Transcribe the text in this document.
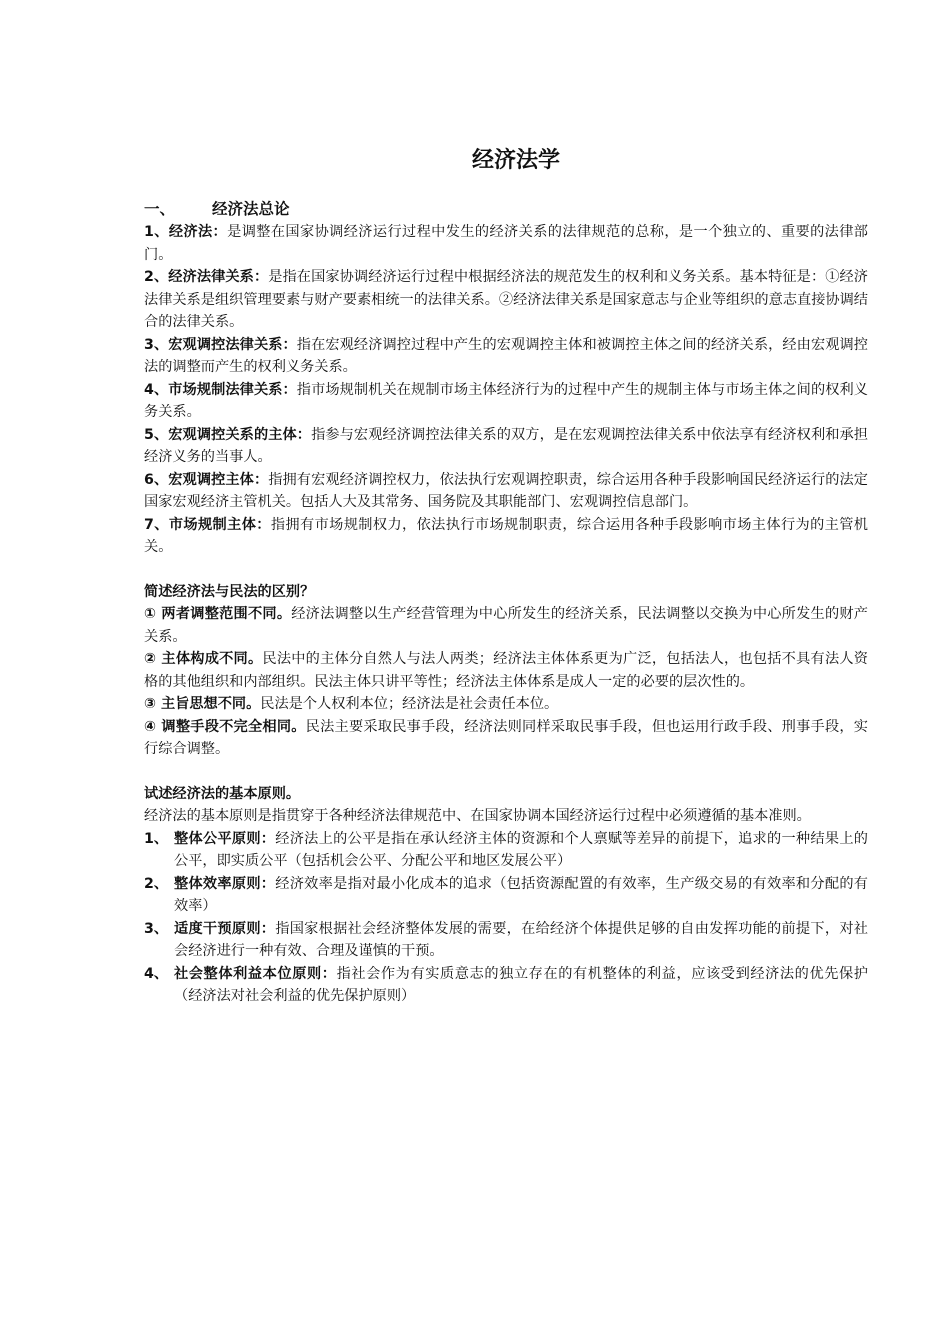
经济法学
一、 经济法总论

1、经济法：是调整在国家协调经济运行过程中发生的经济关系的法律规范的总称，是一个独立的、重要的法律部门。

2、经济法律关系：是指在国家协调经济运行过程中根据经济法的规范发生的权利和义务关系。基本特征是：①经济法律关系是组织管理要素与财产要素相统一的法律关系。②经济法律关系是国家意志与企业等组织的意志直接协调结合的法律关系。

3、宏观调控法律关系：指在宏观经济调控过程中产生的宏观调控主体和被调控主体之间的经济关系，经由宏观调控法的调整而产生的权利义务关系。

4、市场规制法律关系：指市场规制机关在规制市场主体经济行为的过程中产生的规制主体与市场主体之间的权利义务关系。

5、宏观调控关系的主体：指参与宏观经济调控法律关系的双方，是在宏观调控法律关系中依法享有经济权利和承担经济义务的当事人。

6、宏观调控主体：指拥有宏观经济调控权力，依法执行宏观调控职责，综合运用各种手段影响国民经济运行的法定国家宏观经济主管机关。包括人大及其常务、国务院及其职能部门、宏观调控信息部门。

7、市场规制主体：指拥有市场规制权力，依法执行市场规制职责，综合运用各种手段影响市场主体行为的主管机关。

简述经济法与民法的区别？

① 两者调整范围不同。经济法调整以生产经营管理为中心所发生的经济关系，民法调整以交换为中心所发生的财产关系。

② 主体构成不同。民法中的主体分自然人与法人两类；经济法主体体系更为广泛，包括法人，也包括不具有法人资格的其他组织和内部组织。民法主体只讲平等性；经济法主体体系是成人一定的必要的层次性的。

③ 主旨思想不同。民法是个人权利本位；经济法是社会责任本位。

④ 调整手段不完全相同。民法主要采取民事手段，经济法则同样采取民事手段，但也运用行政手段、刑事手段，实行综合调整。

试述经济法的基本原则。

经济法的基本原则是指贯穿于各种经济法律规范中、在国家协调本国经济运行过程中必须遵循的基本准则。

1、 整体公平原则：经济法上的公平是指在承认经济主体的资源和个人禀赋等差异的前提下，追求的一种结果上的公平，即实质公平（包括机会公平、分配公平和地区发展公平）
2、 整体效率原则：经济效率是指对最小化成本的追求（包括资源配置的有效率，生产级交易的有效率和分配的有效率）
3、 适度干预原则：指国家根据社会经济整体发展的需要，在给经济个体提供足够的自由发挥功能的前提下，对社会经济进行一种有效、合理及谨慎的干预。
4、 社会整体利益本位原则：指社会作为有实质意志的独立存在的有机整体的利益，应该受到经济法的优先保护（经济法对社会利益的优先保护原则）
